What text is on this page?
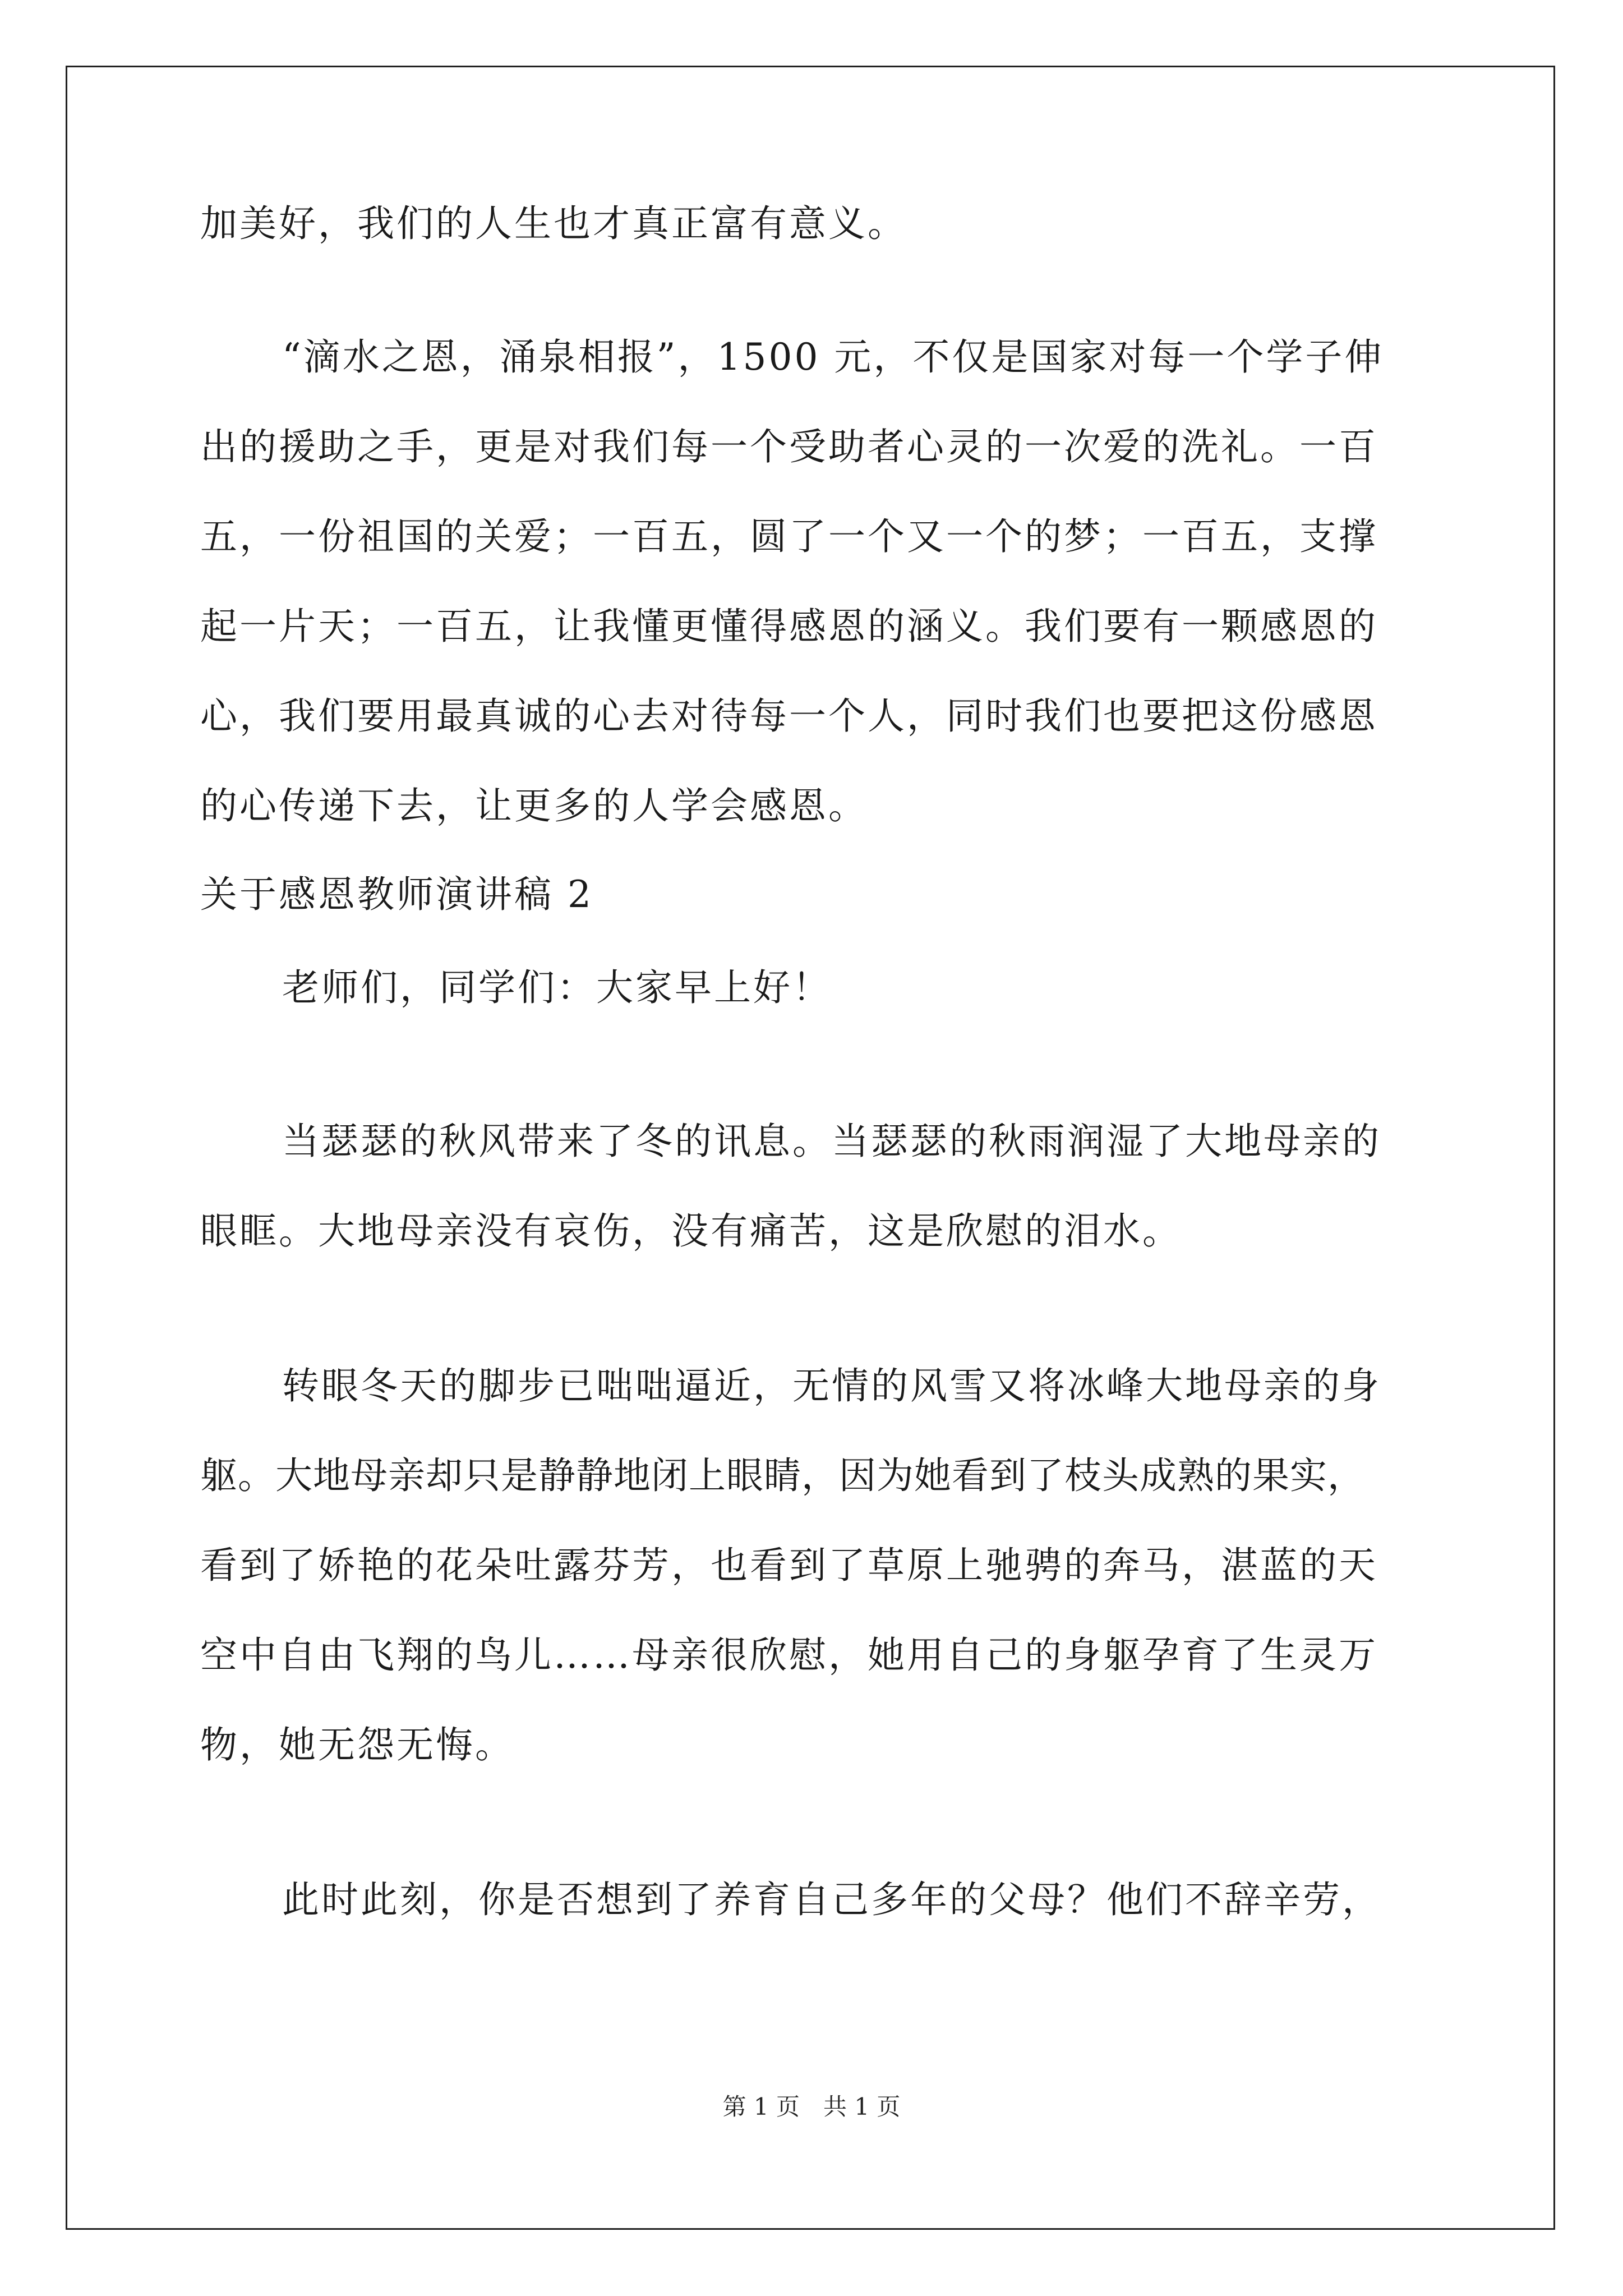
加美好，我们的人生也才真正富有意义。
“滴水之恩，涌泉相报”，1500 元，不仅是国家对每一个学子伸
出的援助之手，更是对我们每一个受助者心灵的一次爱的洗礼。一百
五，一份祖国的关爱；一百五，圆了一个又一个的梦；一百五，支撑
起一片天；一百五，让我懂更懂得感恩的涵义。我们要有一颗感恩的
心，我们要用最真诚的心去对待每一个人，同时我们也要把这份感恩
的心传递下去，让更多的人学会感恩。
关于感恩教师演讲稿 2
老师们，同学们：大家早上好！
当瑟瑟的秋风带来了冬的讯息。当瑟瑟的秋雨润湿了大地母亲的
眼眶。大地母亲没有哀伤，没有痛苦，这是欣慰的泪水。
转眼冬天的脚步已咄咄逼近，无情的风雪又将冰峰大地母亲的身
躯。大地母亲却只是静静地闭上眼睛，因为她看到了枝头成熟的果实，
看到了娇艳的花朵吐露芬芳，也看到了草原上驰骋的奔马，湛蓝的天
空中自由飞翔的鸟儿……母亲很欣慰，她用自己的身躯孕育了生灵万
物，她无怨无悔。
此时此刻，你是否想到了养育自己多年的父母？他们不辞辛劳，
第 1 页　共 1 页
